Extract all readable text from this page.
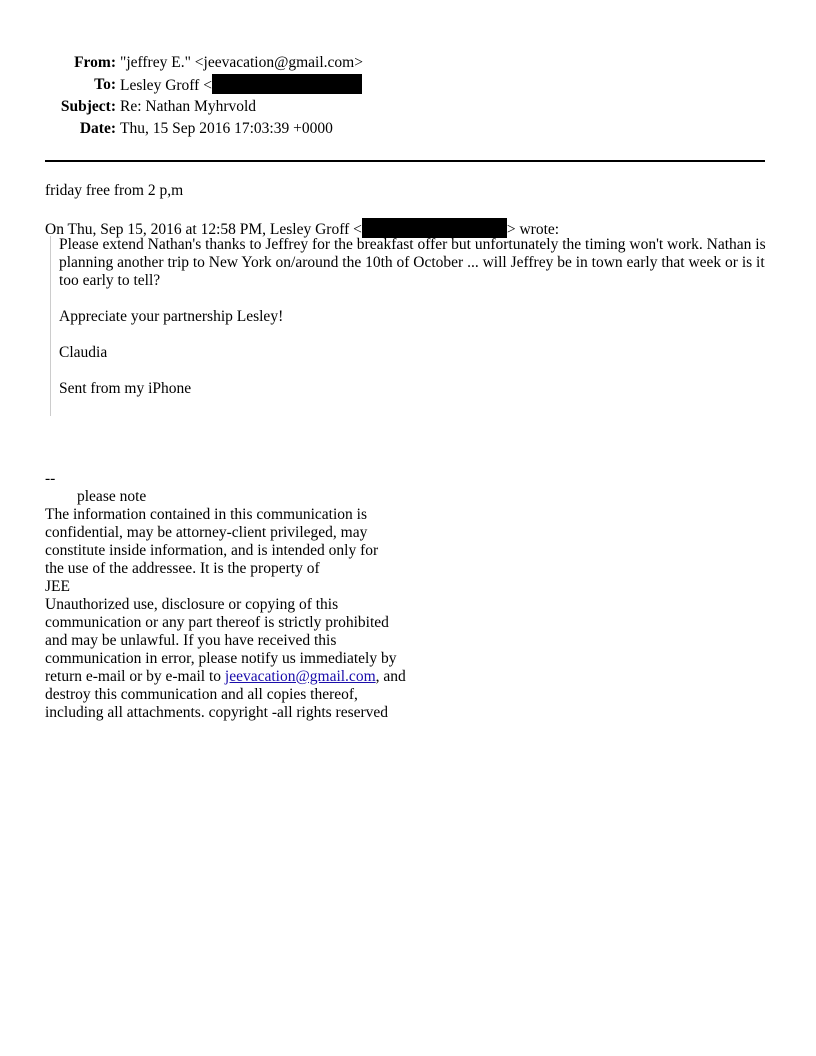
From: "jeffrey E." <jeevacation@gmail.com>
To: Lesley Groff <
Subject: Re: Nathan Myhrvold
Date: Thu, 15 Sep 2016 17:03:39 +0000
friday free from 2 p,m
On Thu, Sep 15, 2016 at 12:58 PM, Lesley Groff <	> wrote:
Please extend Nathan's thanks to Jeffrey for the breakfast offer but unfortunately the timing won't work. Nathan is planning another trip to New York on/around the 10th of October ... will Jeffrey be in town early that week or is it too early to tell?
Appreciate your partnership Lesley!
Claudia
Sent from my iPhone
--
please note
The information contained in this communication is
confidential, may be attorney-client privileged, may
constitute inside information, and is intended only for
the use of the addressee. It is the property of
JEE
Unauthorized use, disclosure or copying of this
communication or any part thereof is strictly prohibited
and may be unlawful. If you have received this
communication in error, please notify us immediately by
return e-mail or by e-mail to jeevacation@gmail.com, and
destroy this communication and all copies thereof,
including all attachments. copyright -all rights reserved
